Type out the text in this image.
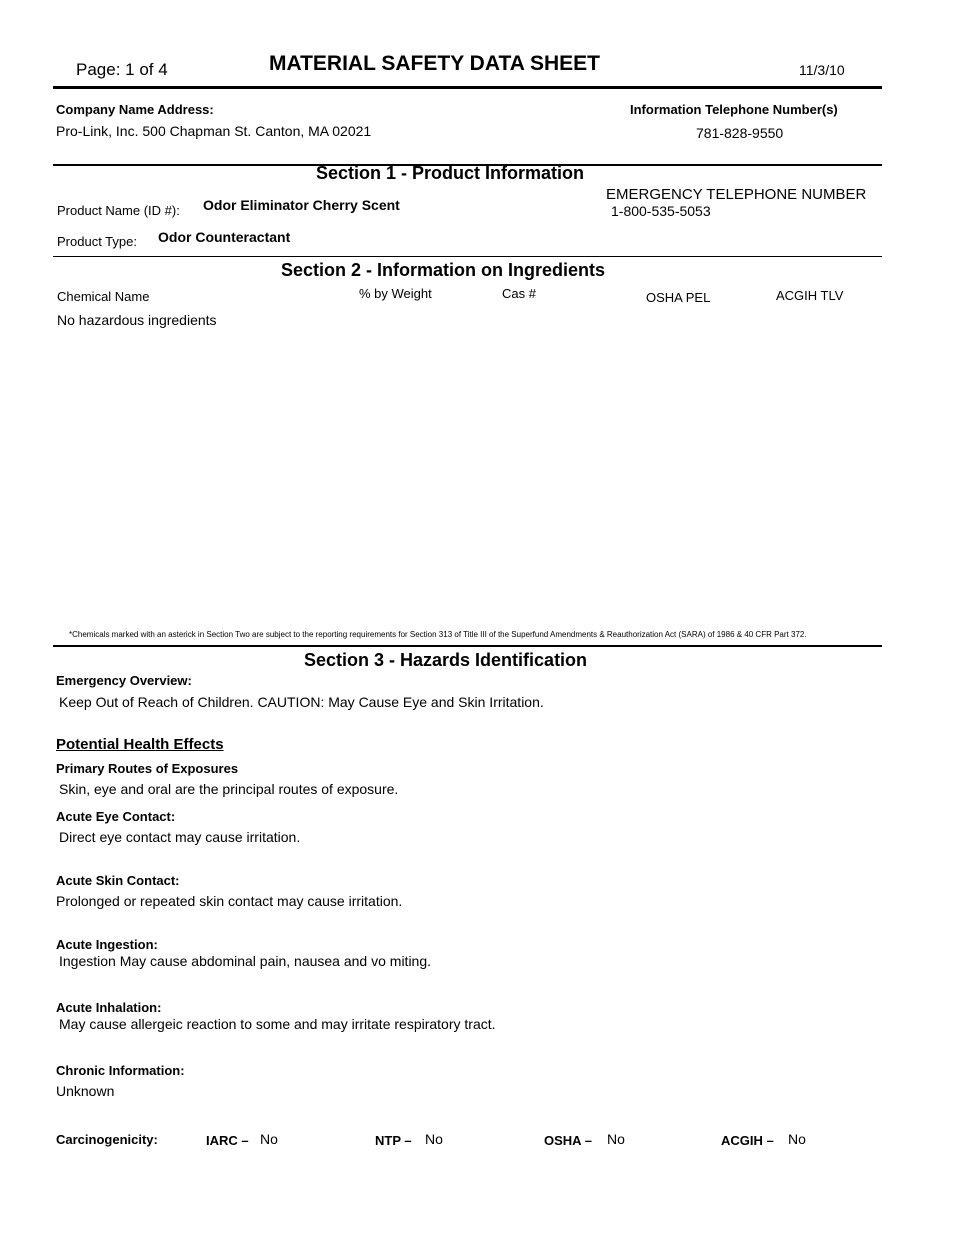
Page: 1 of 4	MATERIAL SAFETY DATA SHEET	11/3/10
Company Name Address:
Pro-Link, Inc. 500 Chapman St. Canton, MA 02021
Information Telephone Number(s)
781-828-9550
Section 1 - Product Information
Product Name (ID #): Odor Eliminator Cherry Scent
Product Type: Odor Counteractant
EMERGENCY TELEPHONE NUMBER
1-800-535-5053
Section 2 - Information on Ingredients
Chemical Name	% by Weight	Cas #	OSHA PEL	ACGIH TLV
No hazardous ingredients
*Chemicals marked with an asterick in Section Two are subject to the reporting requirements for Section 313 of Title III of the Superfund Amendments & Reauthorization Act (SARA) of 1986 & 40 CFR Part 372.
Section 3 - Hazards Identification
Emergency Overview:
Keep Out of Reach of Children. CAUTION: May Cause Eye and Skin Irritation.
Potential Health Effects
Primary Routes of Exposures
Skin, eye and oral are the principal routes of exposure.
Acute Eye Contact:
Direct eye contact may cause irritation.
Acute Skin Contact:
Prolonged or repeated skin contact may cause irritation.
Acute Ingestion:
Ingestion May cause abdominal pain, nausea and vo miting.
Acute Inhalation:
May cause allergeic reaction to some and may irritate respiratory tract.
Chronic Information:
Unknown
Carcinogenicity:	IARC – No	NTP – No	OSHA – No	ACGIH – No
